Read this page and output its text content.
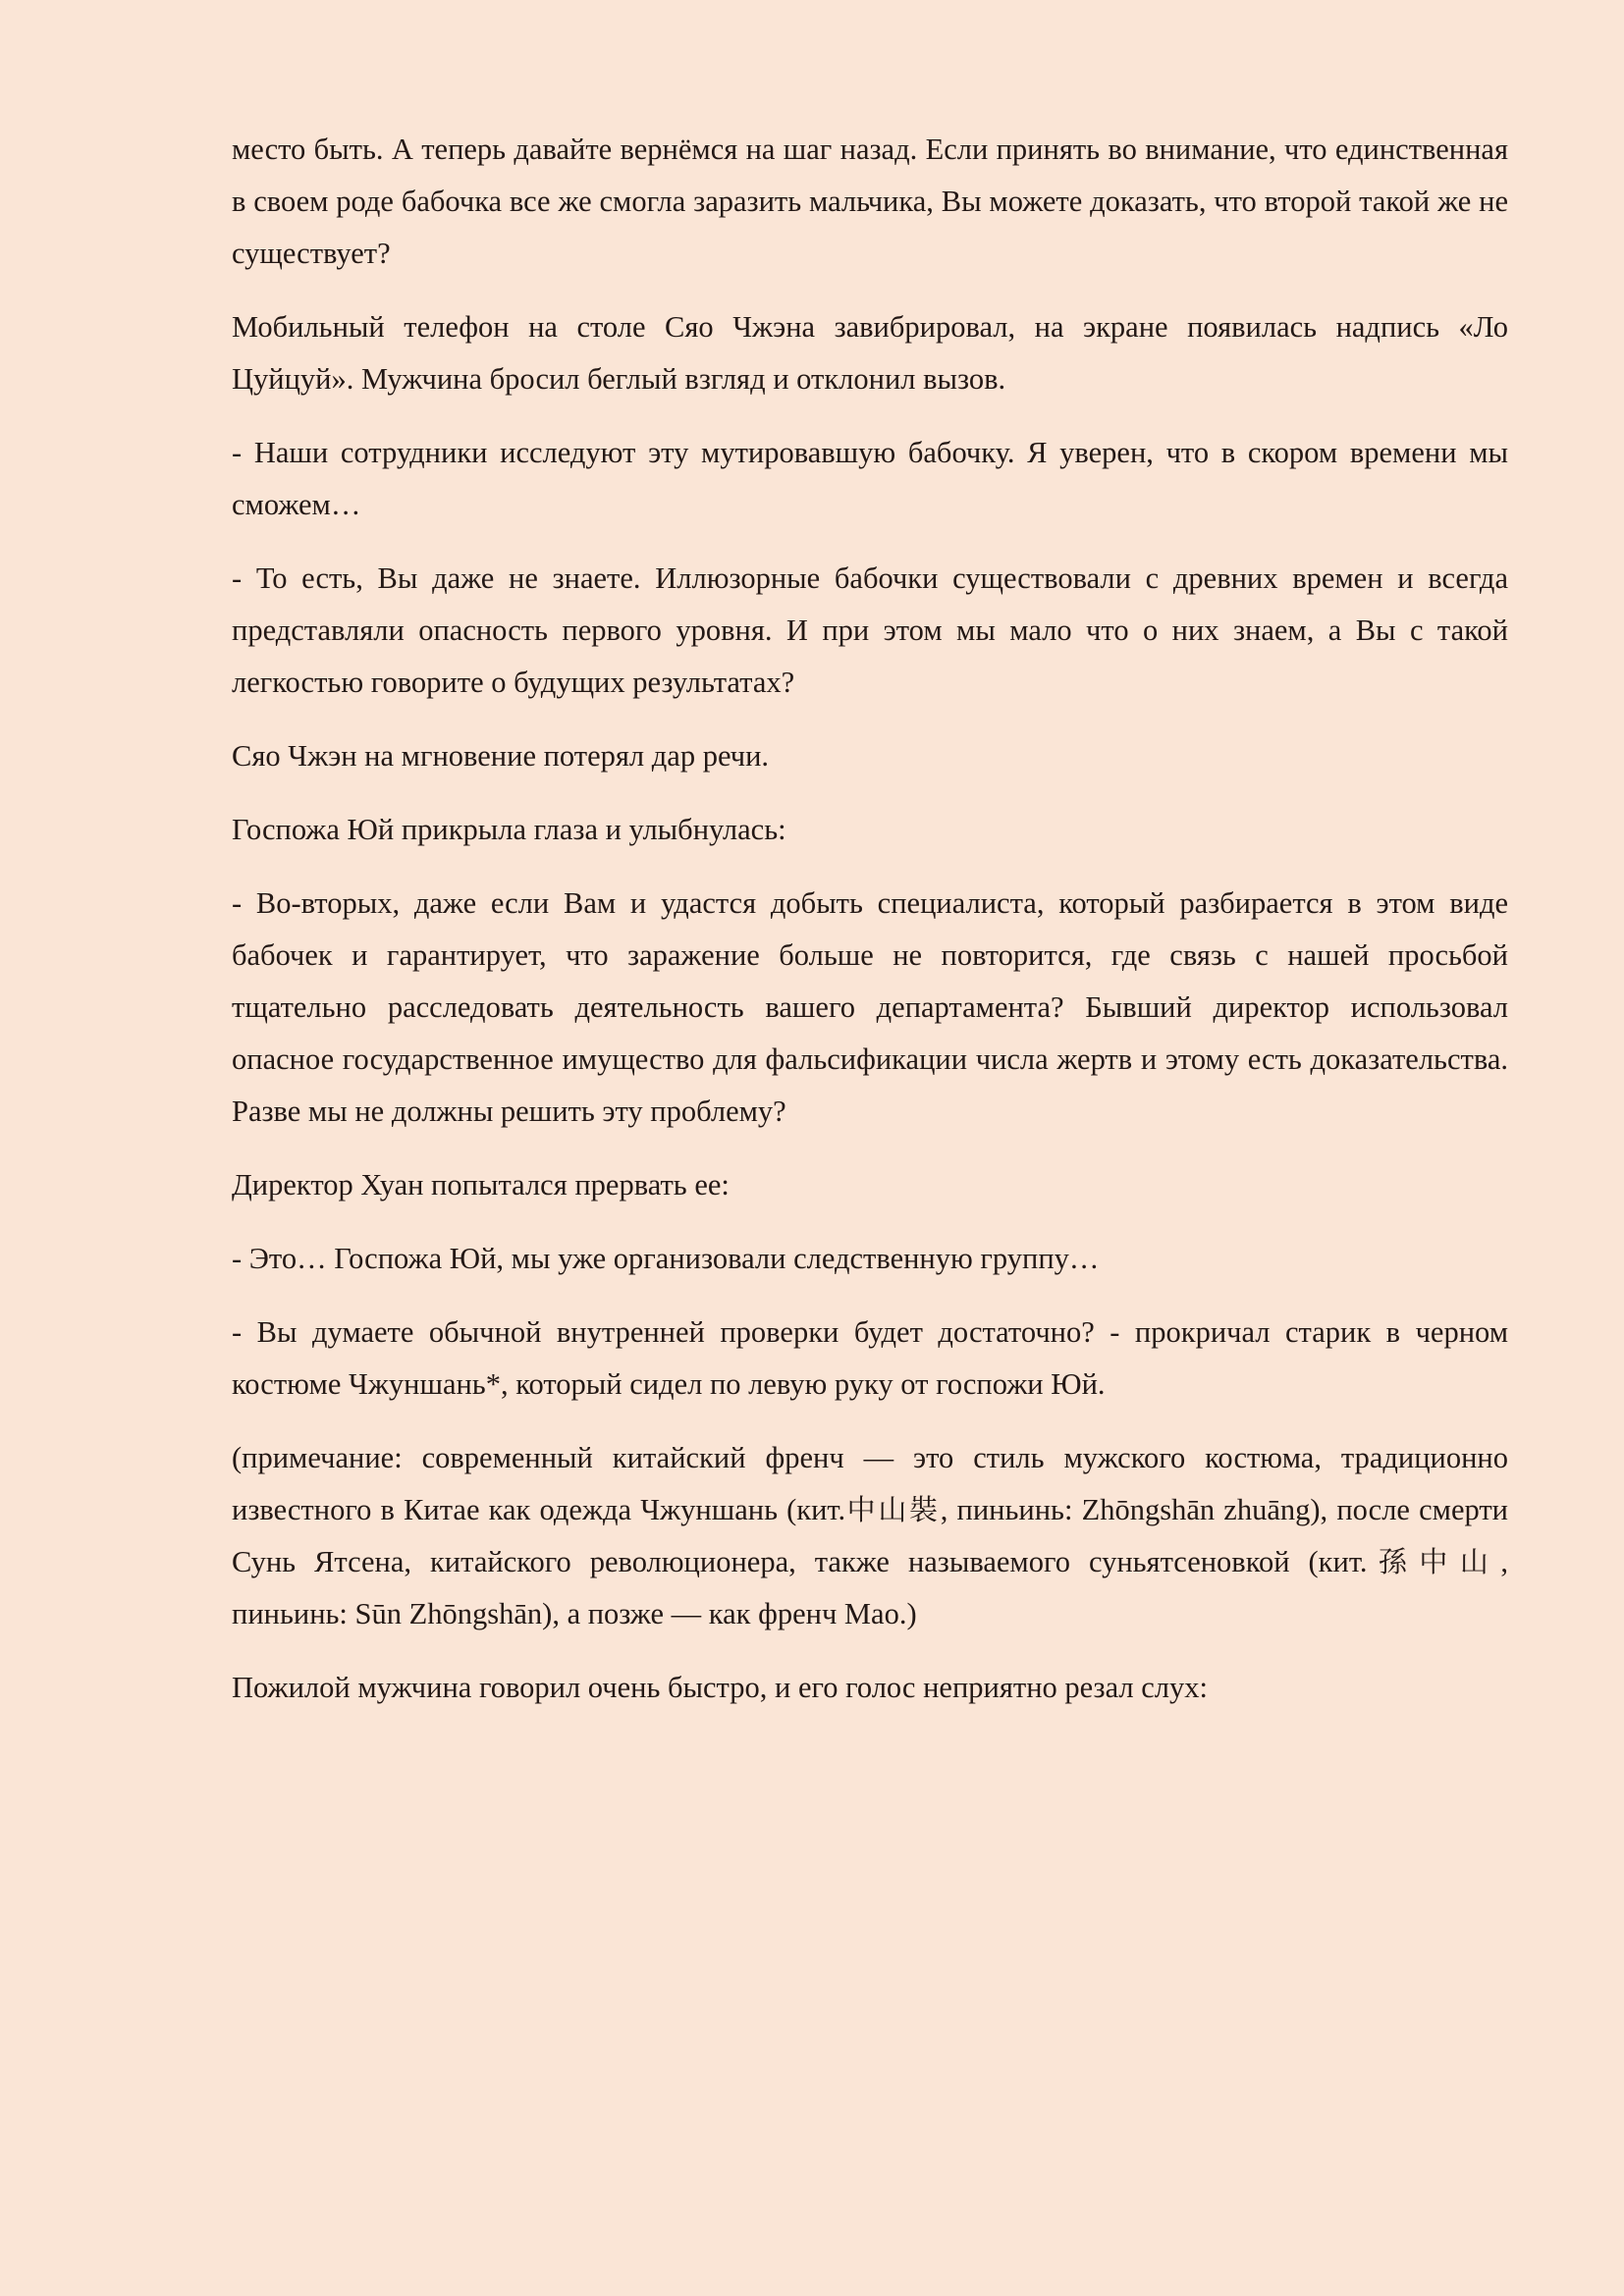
место быть. А теперь давайте вернёмся на шаг назад. Если принять во внимание, что единственная в своем роде бабочка все же смогла заразить мальчика, Вы можете доказать, что второй такой же не существует?

Мобильный телефон на столе Сяо Чжэна завибрировал, на экране появилась надпись «Ло Цуйцуй». Мужчина бросил беглый взгляд и отклонил вызов.

- Наши сотрудники исследуют эту мутировавшую бабочку. Я уверен, что в скором времени мы сможем…

- То есть, Вы даже не знаете. Иллюзорные бабочки существовали с древних времен и всегда представляли опасность первого уровня. И при этом мы мало что о них знаем, а Вы с такой легкостью говорите о будущих результатах?

Сяо Чжэн на мгновение потерял дар речи.

Госпожа Юй прикрыла глаза и улыбнулась:

- Во-вторых, даже если Вам и удастся добыть специалиста, который разбирается в этом виде бабочек и гарантирует, что заражение больше не повторится, где связь с нашей просьбой тщательно расследовать деятельность вашего департамента? Бывший директор использовал опасное государственное имущество для фальсификации числа жертв и этому есть доказательства. Разве мы не должны решить эту проблему?

Директор Хуан попытался прервать ее:

- Это… Госпожа Юй, мы уже организовали следственную группу…

- Вы думаете обычной внутренней проверки будет достаточно? - прокричал старик в черном костюме Чжуншань*, который сидел по левую руку от госпожи Юй.

(примечание: современный китайский френч — это стиль мужского костюма, традиционно известного в Китае как одежда Чжуншань (кит.中山裝, пиньинь: Zhōngshān zhuāng), после смерти Сунь Ятсена, китайского революционера, также называемого суньятсеновкой (кит.孫中山, пиньинь: Sūn Zhōngshān), а позже — как френч Mao.)

Пожилой мужчина говорил очень быстро, и его голос неприятно резал слух:
